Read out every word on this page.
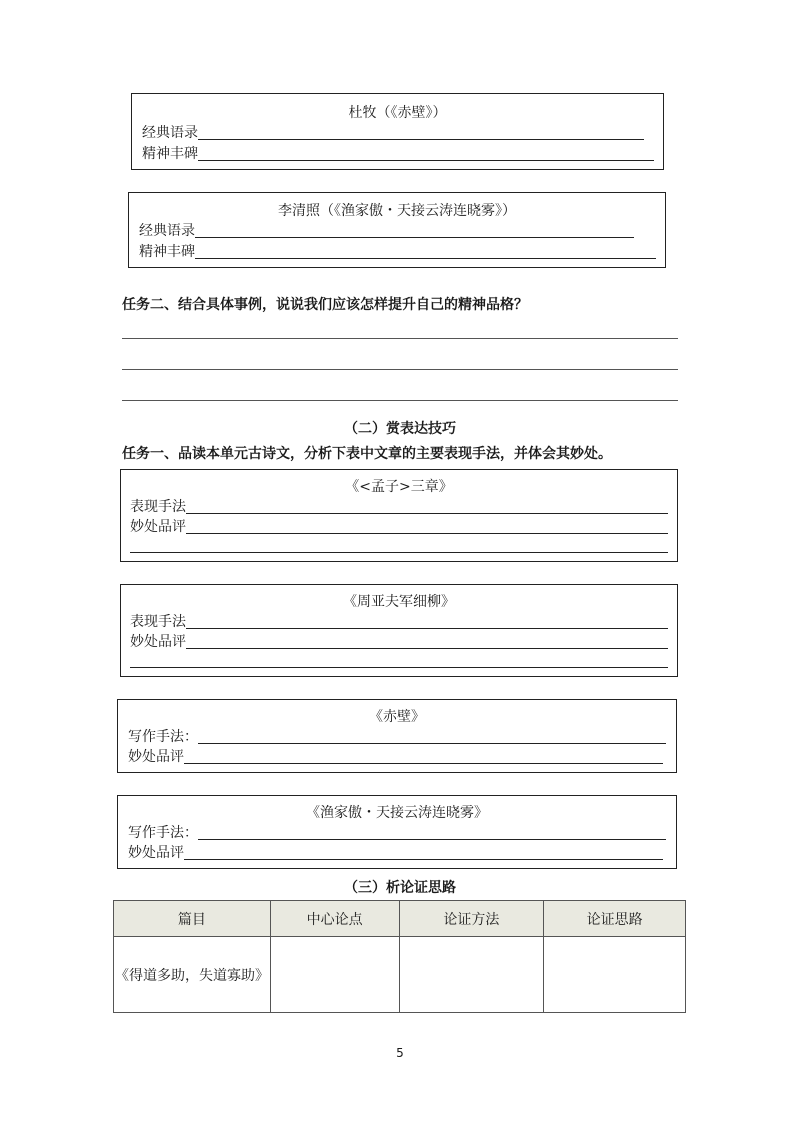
杜牧（《赤壁》）
经典语录
精神丰碑
李清照（《渔家傲・天接云涛连晓雾》）
经典语录
精神丰碑
任务二、结合具体事例，说说我们应该怎样提升自己的精神品格？
（二）赏表达技巧
任务一、品读本单元古诗文，分析下表中文章的主要表现手法，并体会其妙处。
《<孟子>三章》
表现手法
妙处品评
《周亚夫军细柳》
表现手法
妙处品评
《赤壁》
写作手法：
妙处品评
《渔家傲・天接云涛连晓雾》
写作手法：
妙处品评
（三）析论证思路
篇目	中心论点	论证方法	论证思路
《得道多助，失道寡助》			
5
